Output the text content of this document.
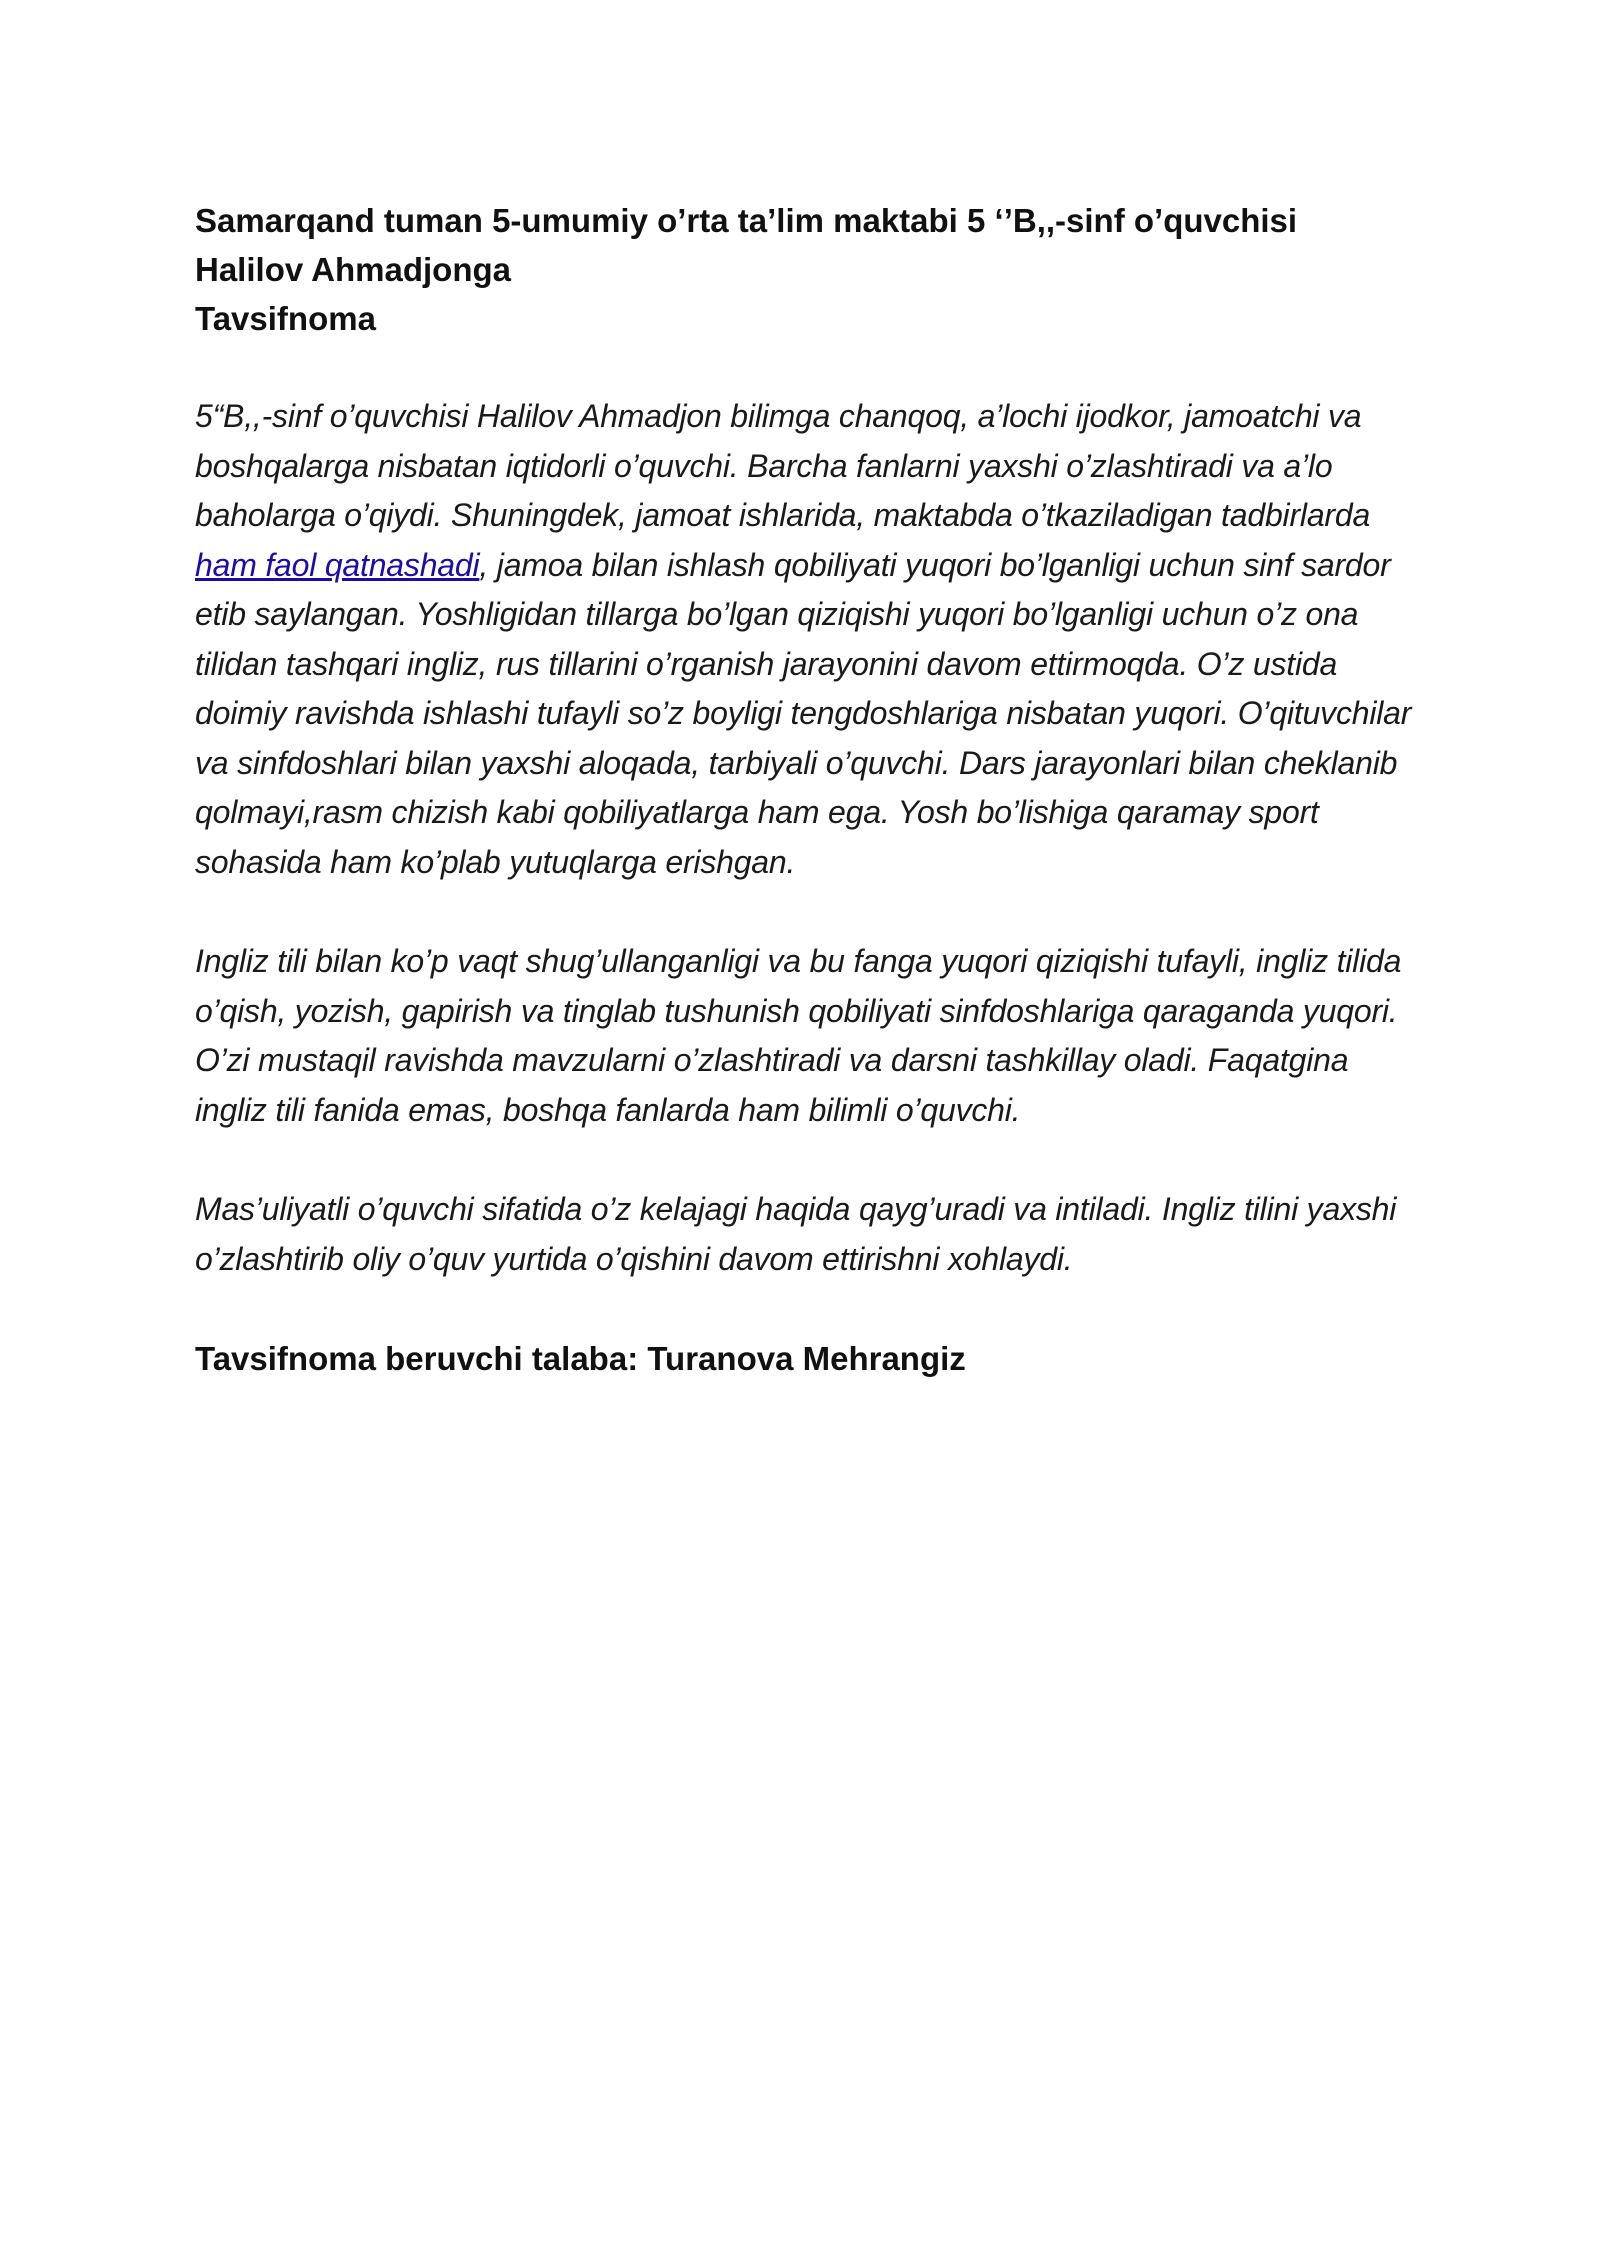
Samarqand tuman 5-umumiy o’rta ta’lim maktabi 5 ‘’B,,-sinf o’quvchisi

Halilov Ahmadjonga

Tavsifnoma

5“B,,-sinf o’quvchisi Halilov Ahmadjon bilimga chanqoq, a’lochi ijodkor, jamoatchi va boshqalarga nisbatan iqtidorli o’quvchi. Barcha fanlarni yaxshi o’zlashtiradi va a’lo baholarga o’qiydi. Shuningdek, jamoat ishlarida, maktabda o’tkaziladigan tadbirlarda ham faol qatnashadi, jamoa bilan ishlash qobiliyati yuqori bo’lganligi uchun sinf sardor etib saylangan. Yoshligidan tillarga bo’lgan qiziqishi yuqori bo’lganligi uchun o’z ona tilidan tashqari ingliz, rus tillarini o’rganish jarayonini davom ettirmoqda. O’z ustida doimiy ravishda ishlashi tufayli so’z boyligi tengdoshlariga nisbatan yuqori. O’qituvchilar va sinfdoshlari bilan yaxshi aloqada, tarbiyali o’quvchi. Dars jarayonlari bilan cheklanib qolmayi,rasm chizish kabi qobiliyatlarga ham ega. Yosh bo’lishiga qaramay sport sohasida ham ko’plab yutuqlarga erishgan.

Ingliz tili bilan ko’p vaqt shug’ullanganligi va bu fanga yuqori qiziqishi tufayli, ingliz tilida o’qish, yozish, gapirish va tinglab tushunish qobiliyati sinfdoshlariga qaraganda yuqori. O’zi mustaqil ravishda mavzularni o’zlashtiradi va darsni tashkillay oladi. Faqatgina ingliz tili fanida emas, boshqa fanlarda ham bilimli o’quvchi.

Mas’uliyatli o’quvchi sifatida o’z kelajagi haqida qayg’uradi va intiladi. Ingliz tilini yaxshi o’zlashtirib oliy o’quv yurtida o’qishini davom ettirishni xohlaydi.

Tavsifnoma beruvchi talaba: Turanova Mehrangiz
